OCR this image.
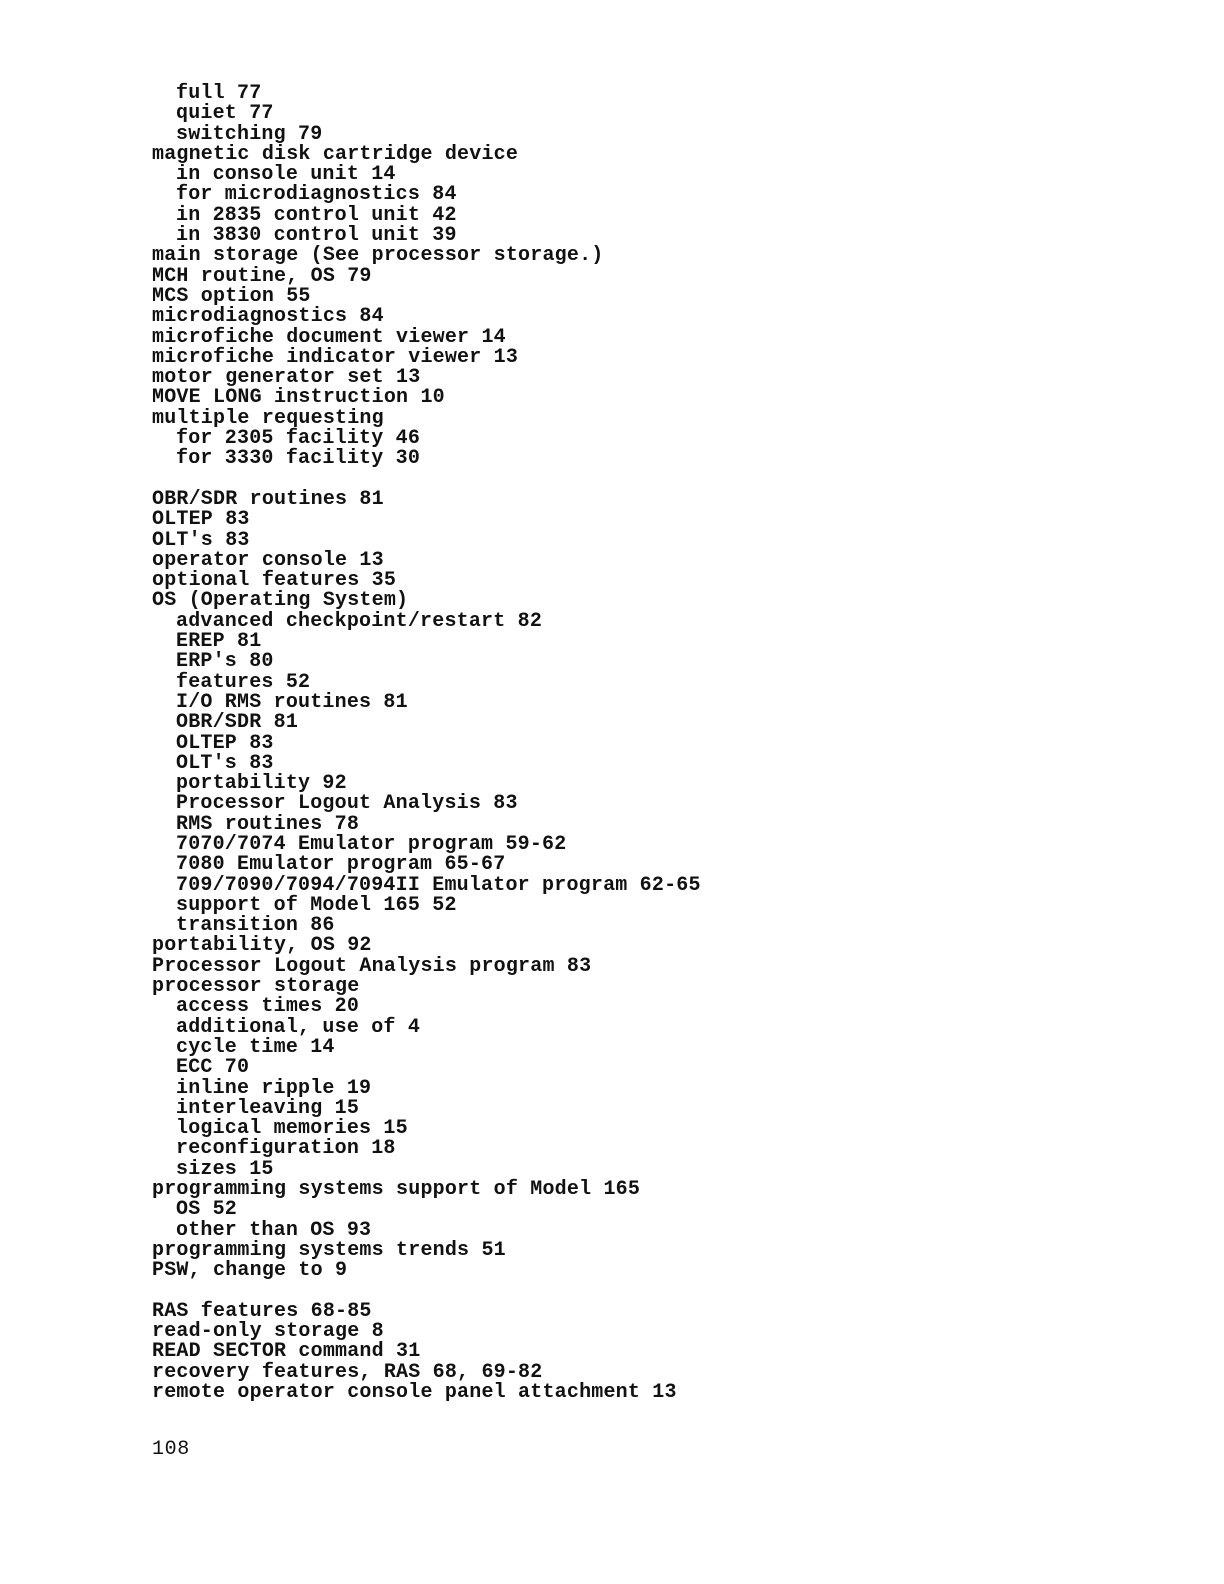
full 77
quiet 77
switching 79
magnetic disk cartridge device
in console unit 14
for microdiagnostics 84
in 2835 control unit 42
in 3830 control unit 39
main storage (See processor storage.)
MCH routine, OS 79
MCS option 55
microdiagnostics 84
microfiche document viewer 14
microfiche indicator viewer 13
motor generator set 13
MOVE LONG instruction 10
multiple requesting
for 2305 facility 46
for 3330 facility 30
OBR/SDR routines 81
OLTEP 83
OLT's 83
operator console 13
optional features 35
OS (Operating System)
advanced checkpoint/restart 82
EREP 81
ERP's 80
features 52
I/O RMS routines 81
OBR/SDR 81
OLTEP 83
OLT's 83
portability 92
Processor Logout Analysis 83
RMS routines 78
7070/7074 Emulator program 59-62
7080 Emulator program 65-67
709/7090/7094/7094II Emulator program 62-65
support of Model 165 52
transition 86
portability, OS 92
Processor Logout Analysis program 83
processor storage
access times 20
additional, use of 4
cycle time 14
ECC 70
inline ripple 19
interleaving 15
logical memories 15
reconfiguration 18
sizes 15
programming systems support of Model 165
OS 52
other than OS 93
programming systems trends 51
PSW, change to 9
RAS features 68-85
read-only storage 8
READ SECTOR command 31
recovery features, RAS 68, 69-82
remote operator console panel attachment 13
108
